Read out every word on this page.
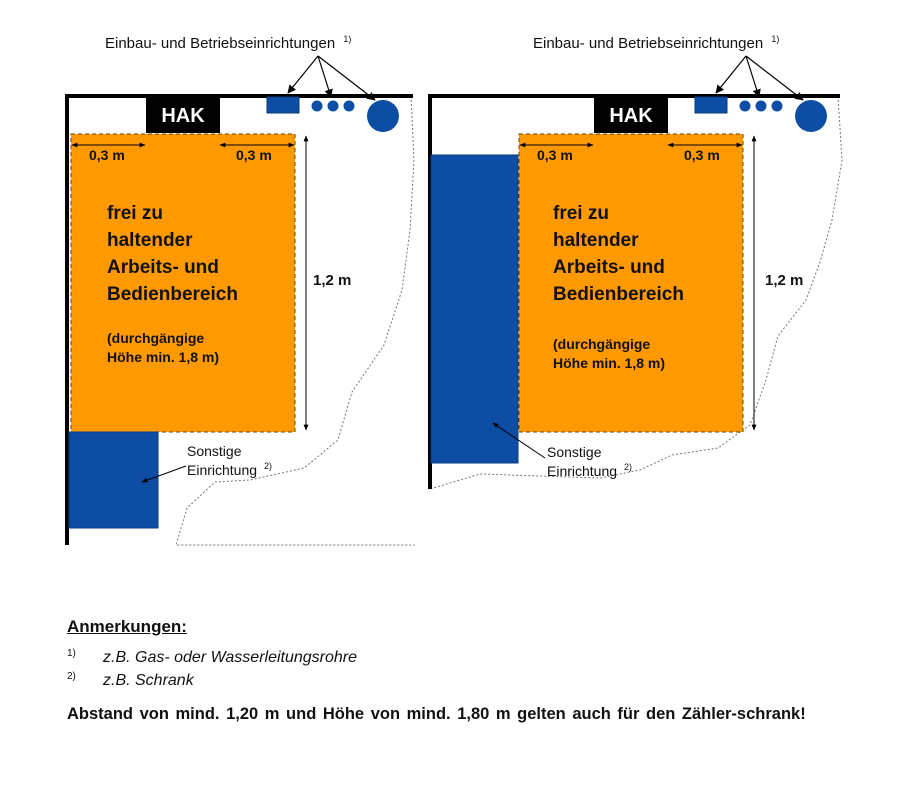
HAK
Einbau- und Betriebseinrichtungen $^{1)}$
0,3 m	0,3 m
1,2 m
frei zu
haltender
Arbeits- und
Bedienbereich
(durchgängige
Höhe min. 1,8 m)
Sonstige
Einrichtung $^{2)}$
HAK
Einbau- und Betriebseinrichtungen $^{1)}$
0,3 m	0,3 m
1,2 m
frei zu
haltender
Arbeits- und
Bedienbereich
(durchgängige
Höhe min. 1,8 m)
Sonstige
Einrichtung $^{2)}$
Anmerkungen:
1)	z.B. Gas- oder Wasserleitungsrohre
2)	z.B. Schrank
Abstand von mind. 1,20 m und Höhe von mind. 1,80 m gelten auch für den Zähler-schrank!
